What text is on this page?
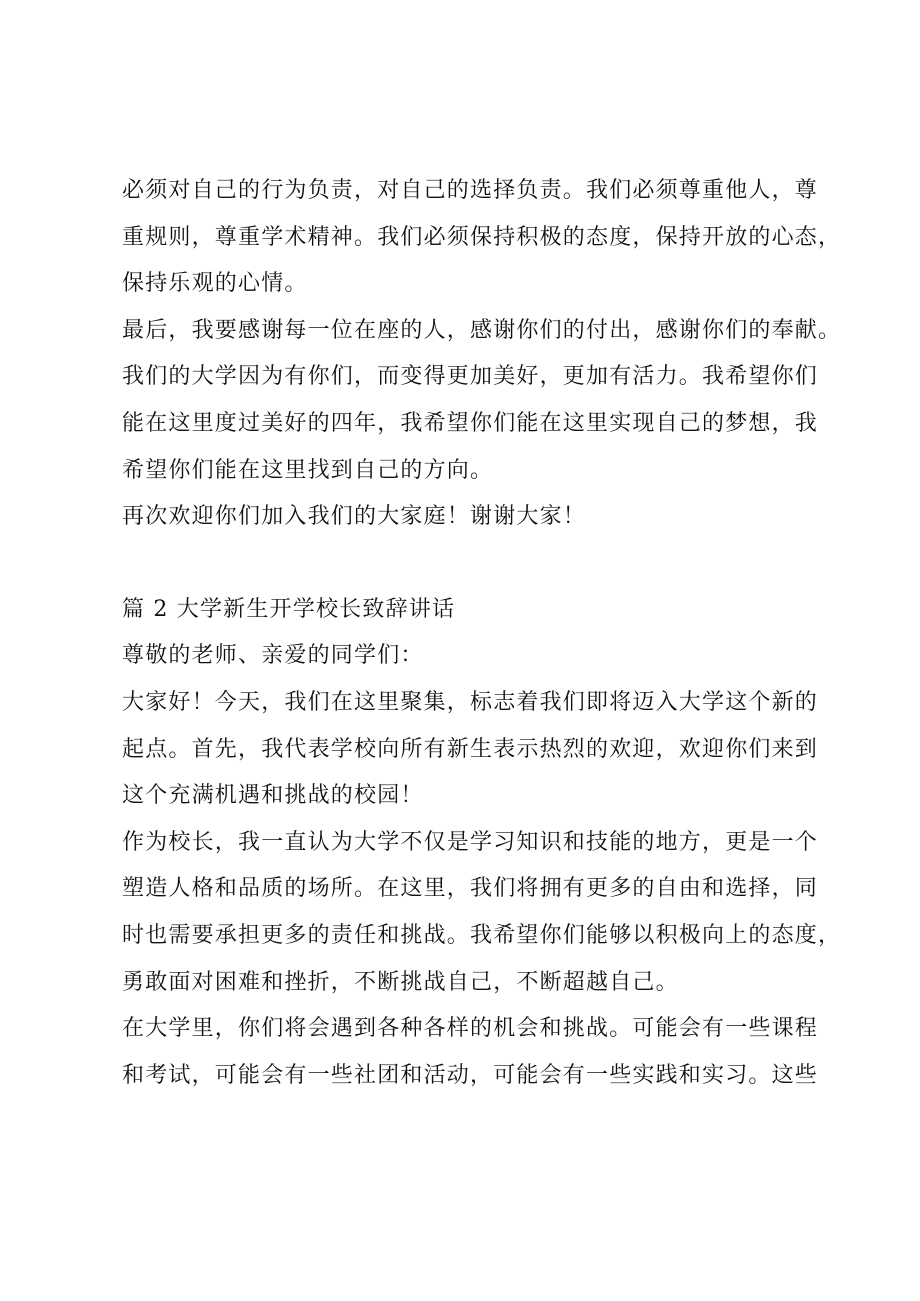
必须对自己的行为负责，对自己的选择负责。我们必须尊重他人，尊
重规则，尊重学术精神。我们必须保持积极的态度，保持开放的心态，
保持乐观的心情。

最后，我要感谢每一位在座的人，感谢你们的付出，感谢你们的奉献。
我们的大学因为有你们，而变得更加美好，更加有活力。我希望你们
能在这里度过美好的四年，我希望你们能在这里实现自己的梦想，我
希望你们能在这里找到自己的方向。

再次欢迎你们加入我们的大家庭！谢谢大家！

篇 2 大学新生开学校长致辞讲话

尊敬的老师、亲爱的同学们：

大家好！今天，我们在这里聚集，标志着我们即将迈入大学这个新的
起点。首先，我代表学校向所有新生表示热烈的欢迎，欢迎你们来到
这个充满机遇和挑战的校园！

作为校长，我一直认为大学不仅是学习知识和技能的地方，更是一个
塑造人格和品质的场所。在这里，我们将拥有更多的自由和选择，同
时也需要承担更多的责任和挑战。我希望你们能够以积极向上的态度，
勇敢面对困难和挫折，不断挑战自己，不断超越自己。

在大学里，你们将会遇到各种各样的机会和挑战。可能会有一些课程
和考试，可能会有一些社团和活动，可能会有一些实践和实习。这些
